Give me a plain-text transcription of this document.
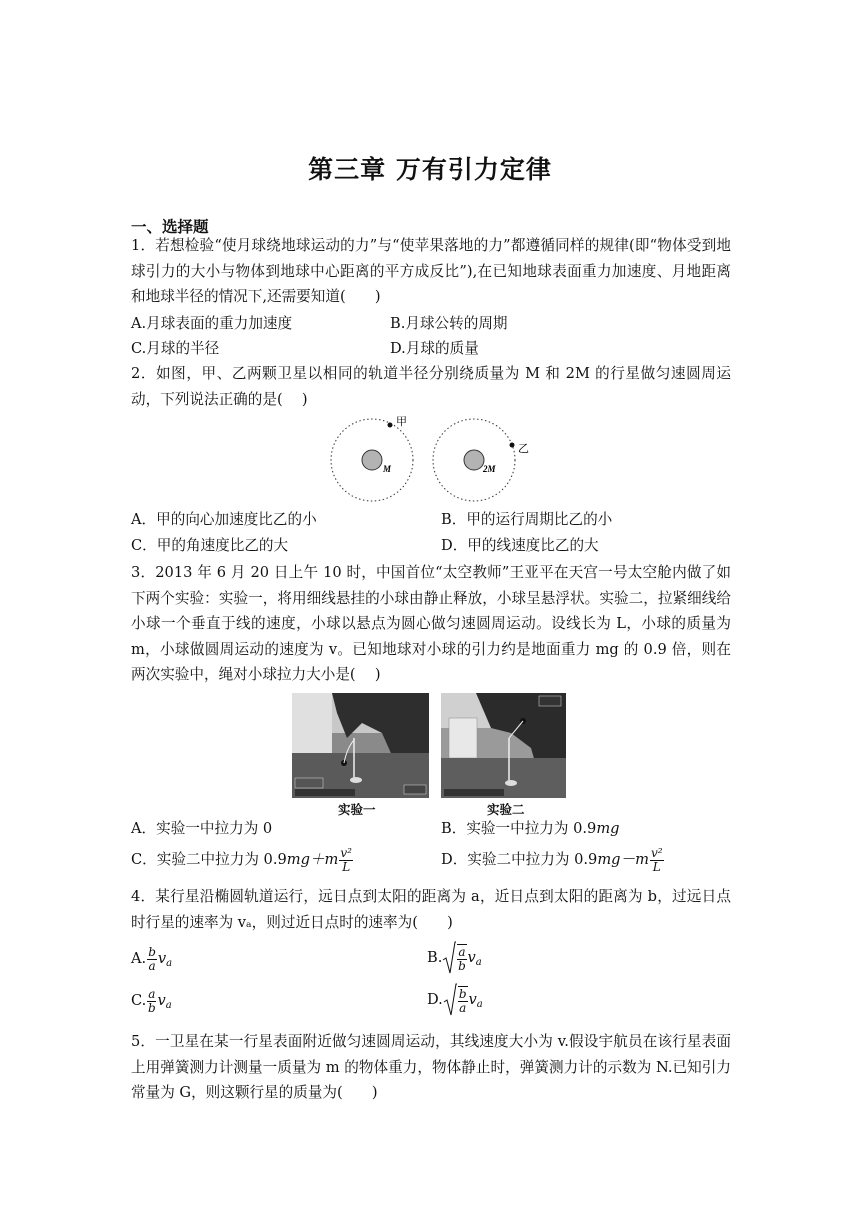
第三章 万有引力定律
一、选择题
1．若想检验“使月球绕地球运动的力”与“使苹果落地的力”都遵循同样的规律(即“物体受到地球引力的大小与物体到地球中心距离的平方成反比”),在已知地球表面重力加速度、月地距离和地球半径的情况下,还需要知道(　　)
A.月球表面的重力加速度	B.月球公转的周期
C.月球的半径	D.月球的质量
2．如图，甲、乙两颗卫星以相同的轨道半径分别绕质量为 M 和 2M 的行星做匀速圆周运动，下列说法正确的是(　 )
M
甲
2M
乙
A．甲的向心加速度比乙的小	B．甲的运行周期比乙的小
C．甲的角速度比乙的大	D．甲的线速度比乙的大
3．2013 年 6 月 20 日上午 10 时，中国首位“太空教师”王亚平在天宫一号太空舱内做了如下两个实验：实验一，将用细线悬挂的小球由静止释放，小球呈悬浮状。实验二，拉紧细线给小球一个垂直于线的速度，小球以悬点为圆心做匀速圆周运动。设线长为 L，小球的质量为 m，小球做圆周运动的速度为 v。已知地球对小球的引力约是地面重力 mg 的 0.9 倍，则在两次实验中，绳对小球拉力大小是(　 )
实验一	实验二
A．实验一中拉力为 0	B．实验一中拉力为 0.9mg
C．实验二中拉力为 $0.9mg+m \frac{\text{v²}}{L}$	D．实验二中拉力为 $0.9mg-m \frac{\text{v²}}{L}$
4．某行星沿椭圆轨道运行，远日点到太阳的距离为 a，近日点到太阳的距离为 b，过远日点时行星的速率为 vₐ，则过近日点时的速率为(　　)
A. $\frac{b}{a} v_a$	B. $\frac{a}{b} v_a$
C. $\frac{a}{b} v_a$	D. $\frac{b}{a} v_a$
5．一卫星在某一行星表面附近做匀速圆周运动，其线速度大小为 v.假设宇航员在该行星表面上用弹簧测力计测量一质量为 m 的物体重力，物体静止时，弹簧测力计的示数为 N.已知引力常量为 G，则这颗行星的质量为(　　)
